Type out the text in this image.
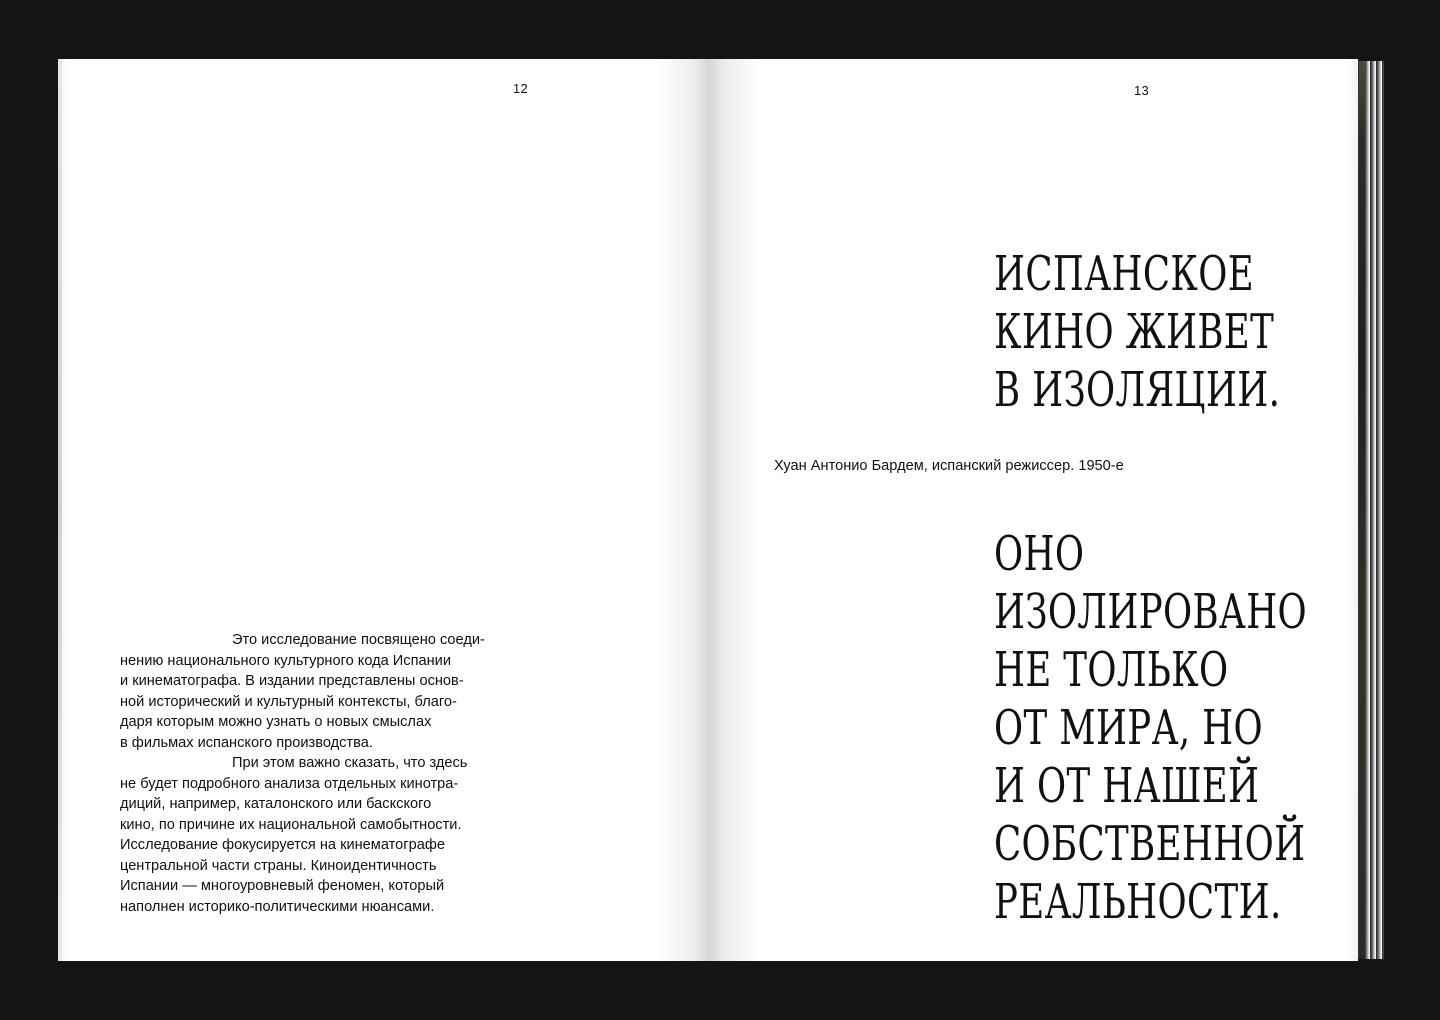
12
Это исследование посвящено соеди-
нению национального культурного кода Испании
и кинематографа. В издании представлены основ-
ной исторический и культурный контексты, благо-
даря которым можно узнать о новых смыслах
в фильмах испанского производства.
При этом важно сказать, что здесь
не будет подробного анализа отдельных кинотра-
диций, например, каталонского или баскского
кино, по причине их национальной самобытности.
Исследование фокусируется на кинематографе
центральной части страны. Киноидентичность
Испании — многоуровневый феномен, который
наполнен историко-политическими нюансами.
13
ИСПАНСКОЕ
КИНО ЖИВЕТ
В ИЗОЛЯЦИИ.
Хуан Антонио Бардем, испанский режиссер. 1950-е
ОНО
ИЗОЛИРОВАНО
НЕ ТОЛЬКО
ОТ МИРА, НО
И ОТ НАШЕЙ
СОБСТВЕННОЙ
РЕАЛЬНОСТИ.
